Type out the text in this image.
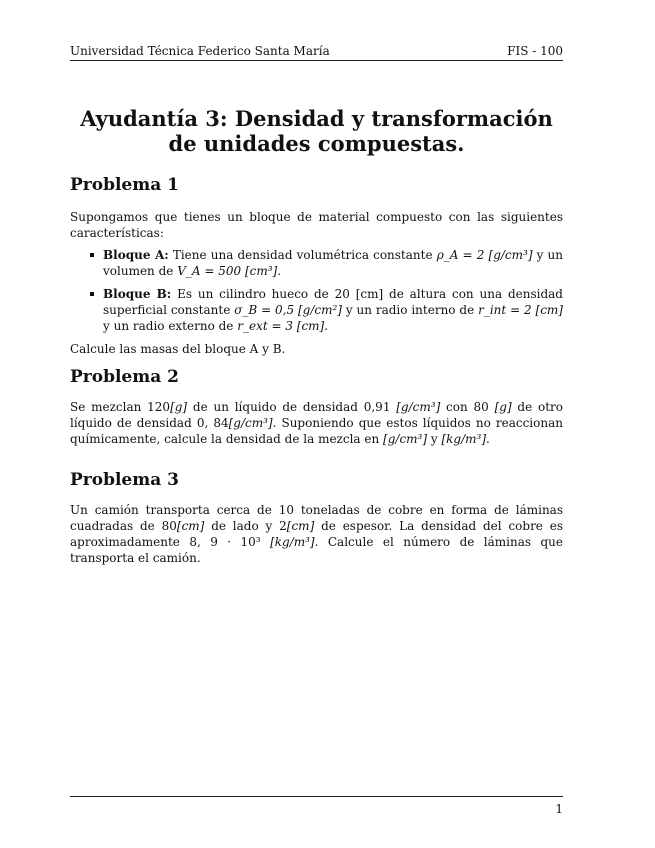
Universidad Técnica Federico Santa María	FIS - 100
Ayudantía 3: Densidad y transformación de unidades compuestas.
Problema 1

Supongamos que tienes un bloque de material compuesto con las siguientes características:

Bloque A: Tiene una densidad volumétrica constante ρ_A = 2 [g/cm³] y un volumen de V_A = 500 [cm³].
Bloque B: Es un cilindro hueco de 20 [cm] de altura con una densidad superficial constante σ_B = 0,5 [g/cm²] y un radio interno de r_int = 2 [cm] y un radio externo de r_ext = 3 [cm].

Calcule las masas del bloque A y B.

Problema 2

Se mezclan 120[g] de un líquido de densidad 0,91 [g/cm³] con 80 [g] de otro líquido de densidad 0, 84[g/cm³]. Suponiendo que estos líquidos no reaccionan químicamente, calcule la densidad de la mezcla en [g/cm³] y [kg/m³].

Problema 3

Un camión transporta cerca de 10 toneladas de cobre en forma de láminas cuadradas de 80[cm] de lado y 2[cm] de espesor. La densidad del cobre es aproximadamente 8, 9 · 10³ [kg/m³]. Calcule el número de láminas que transporta el camión.

1
